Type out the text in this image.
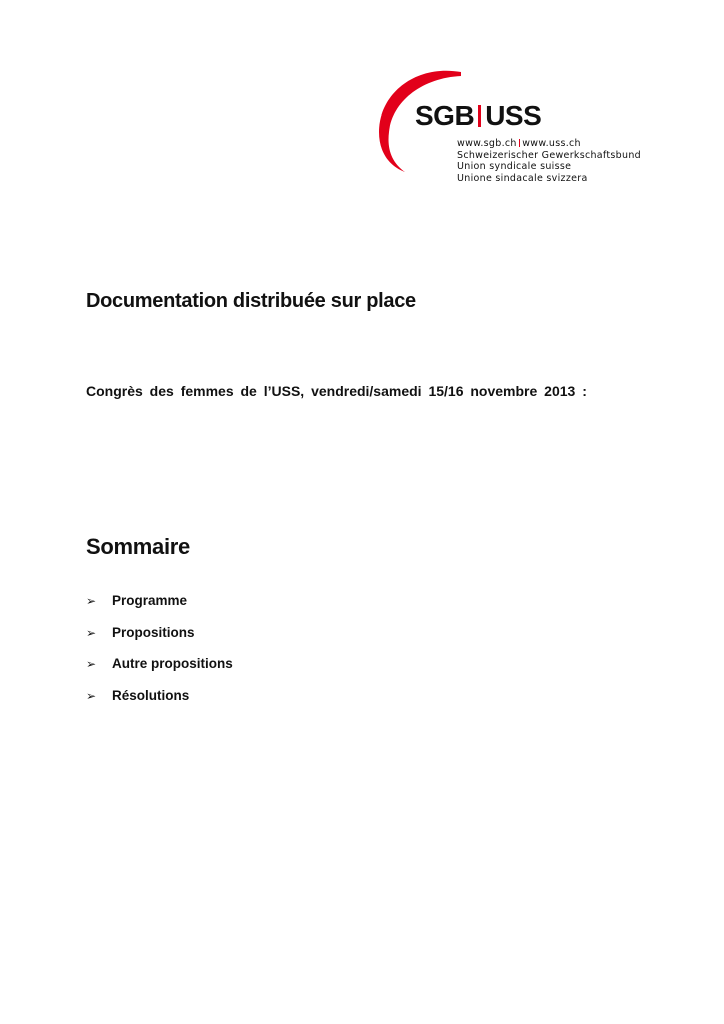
SGB USS
www.sgb.ch www.uss.ch
Schweizerischer Gewerkschaftsbund
Union syndicale suisse
Unione sindacale svizzera
Documentation distribuée sur place

Congrès des femmes de l’USS, vendredi/samedi 15/16 novembre 2013 :

Sommaire
➢	Programme
➢	Propositions
➢	Autre propositions
➢	Résolutions
